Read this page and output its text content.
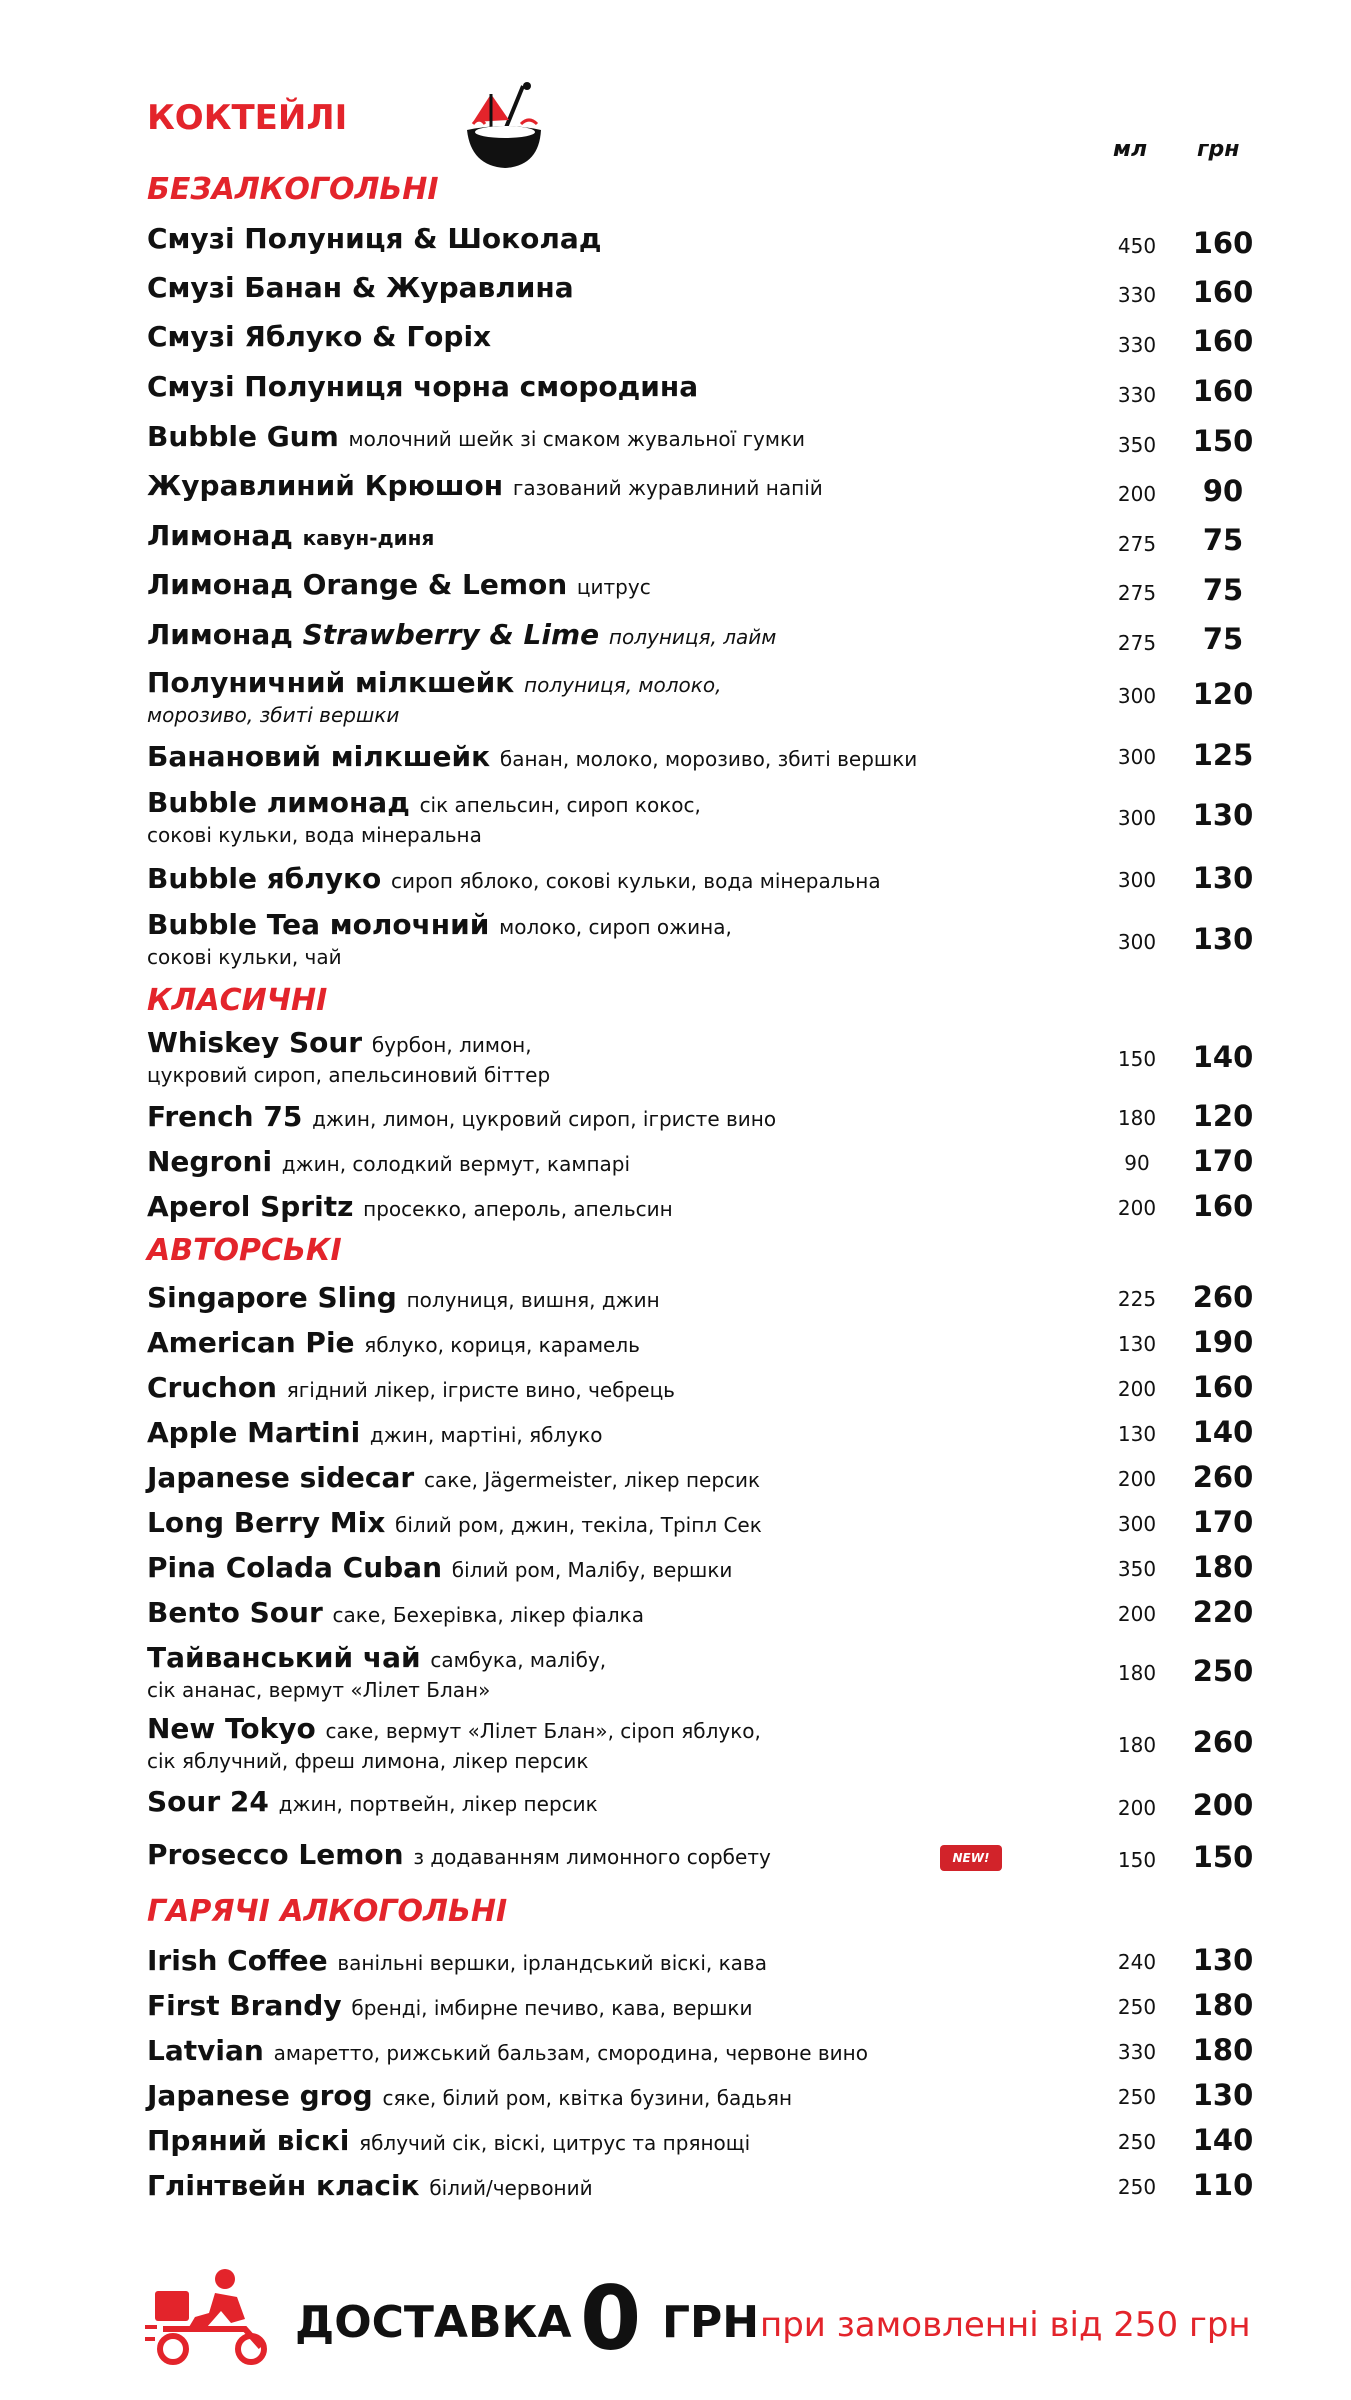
КОКТЕЙЛІ
мл грн
БЕЗАЛКОГОЛЬНІ
Смузі Полуниця & Шоколад	450	160
Смузі Банан & Журавлина	330	160
Смузі Яблуко & Горіх	330	160
Смузі Полуниця чорна смородина	330	160
Bubble Gum молочний шейк зі смаком жувальної гумки	350	150
Журавлиний Крюшон газований журавлиний напій	200	90
Лимонад кавун-диня	275	75
Лимонад Orange & Lemon цитрус	275	75
Лимонад Strawberry & Lime полуниця, лайм	275	75
Полуничний мілкшейк полуниця, молоко,
морозиво, збиті вершки
300	120
Банановий мілкшейк банан, молоко, морозиво, збиті вершки	300	125
Bubble лимонад сік апельсин, сироп кокос,
сокові кульки, вода мінеральна
300	130
Bubble яблуко сироп яблоко, сокові кульки, вода мінеральна	300	130
Bubble Tea молочний молоко, сироп ожина,
сокові кульки, чай
300	130
КЛАСИЧНІ
Whiskey Sour бурбон, лимон,
цукровий сироп, апельсиновий біттер
150	140
French 75 джин, лимон, цукровий сироп, ігристе вино	180	120
Negroni джин, солодкий вермут, кампарі	90	170
Aperol Spritz просекко, апероль, апельсин	200	160
АВТОРСЬКІ
Singapore Sling полуниця, вишня, джин	225	260
American Pie яблуко, кориця, карамель	130	190
Cruchon ягідний лікер, ігристе вино, чебрець	200	160
Apple Martini джин, мартіні, яблуко	130	140
Japanese sidecar саке, Jägermeister, лікер персик	200	260
Long Berry Mix білий ром, джин, текіла, Тріпл Сек	300	170
Pina Colada Cuban білий ром, Малібу, вершки	350	180
Bento Sour саке, Бехерівка, лікер фіалка	200	220
Тайванський чай самбука, малібу,
сік ананас, вермут «Лілет Блан»
180	250
New Tokyo саке, вермут «Лілет Блан», сіроп яблуко,
сік яблучний, фреш лимона, лікер персик
180	260
Sour 24 джин, портвейн, лікер персик	200	200
Prosecco Lemon з додаванням лимонного сорбету	NEW!	150	150
ГАРЯЧІ АЛКОГОЛЬНІ
Irish Coffee ванільні вершки, ірландський віскі, кава	240	130
First Brandy бренді, імбирне печиво, кава, вершки	250	180
Latvian амаретто, рижський бальзам, смородина, червоне вино	330	180
Japanese grog сяке, білий ром, квітка бузини, бадьян	250	130
Пряний віскі яблучий сік, віскі, цитрус та прянощі	250	140
Глінтвейн класік білий/червоний	250	110
ДОСТАВКА 0 ГРН при замовленні від 250 грн
